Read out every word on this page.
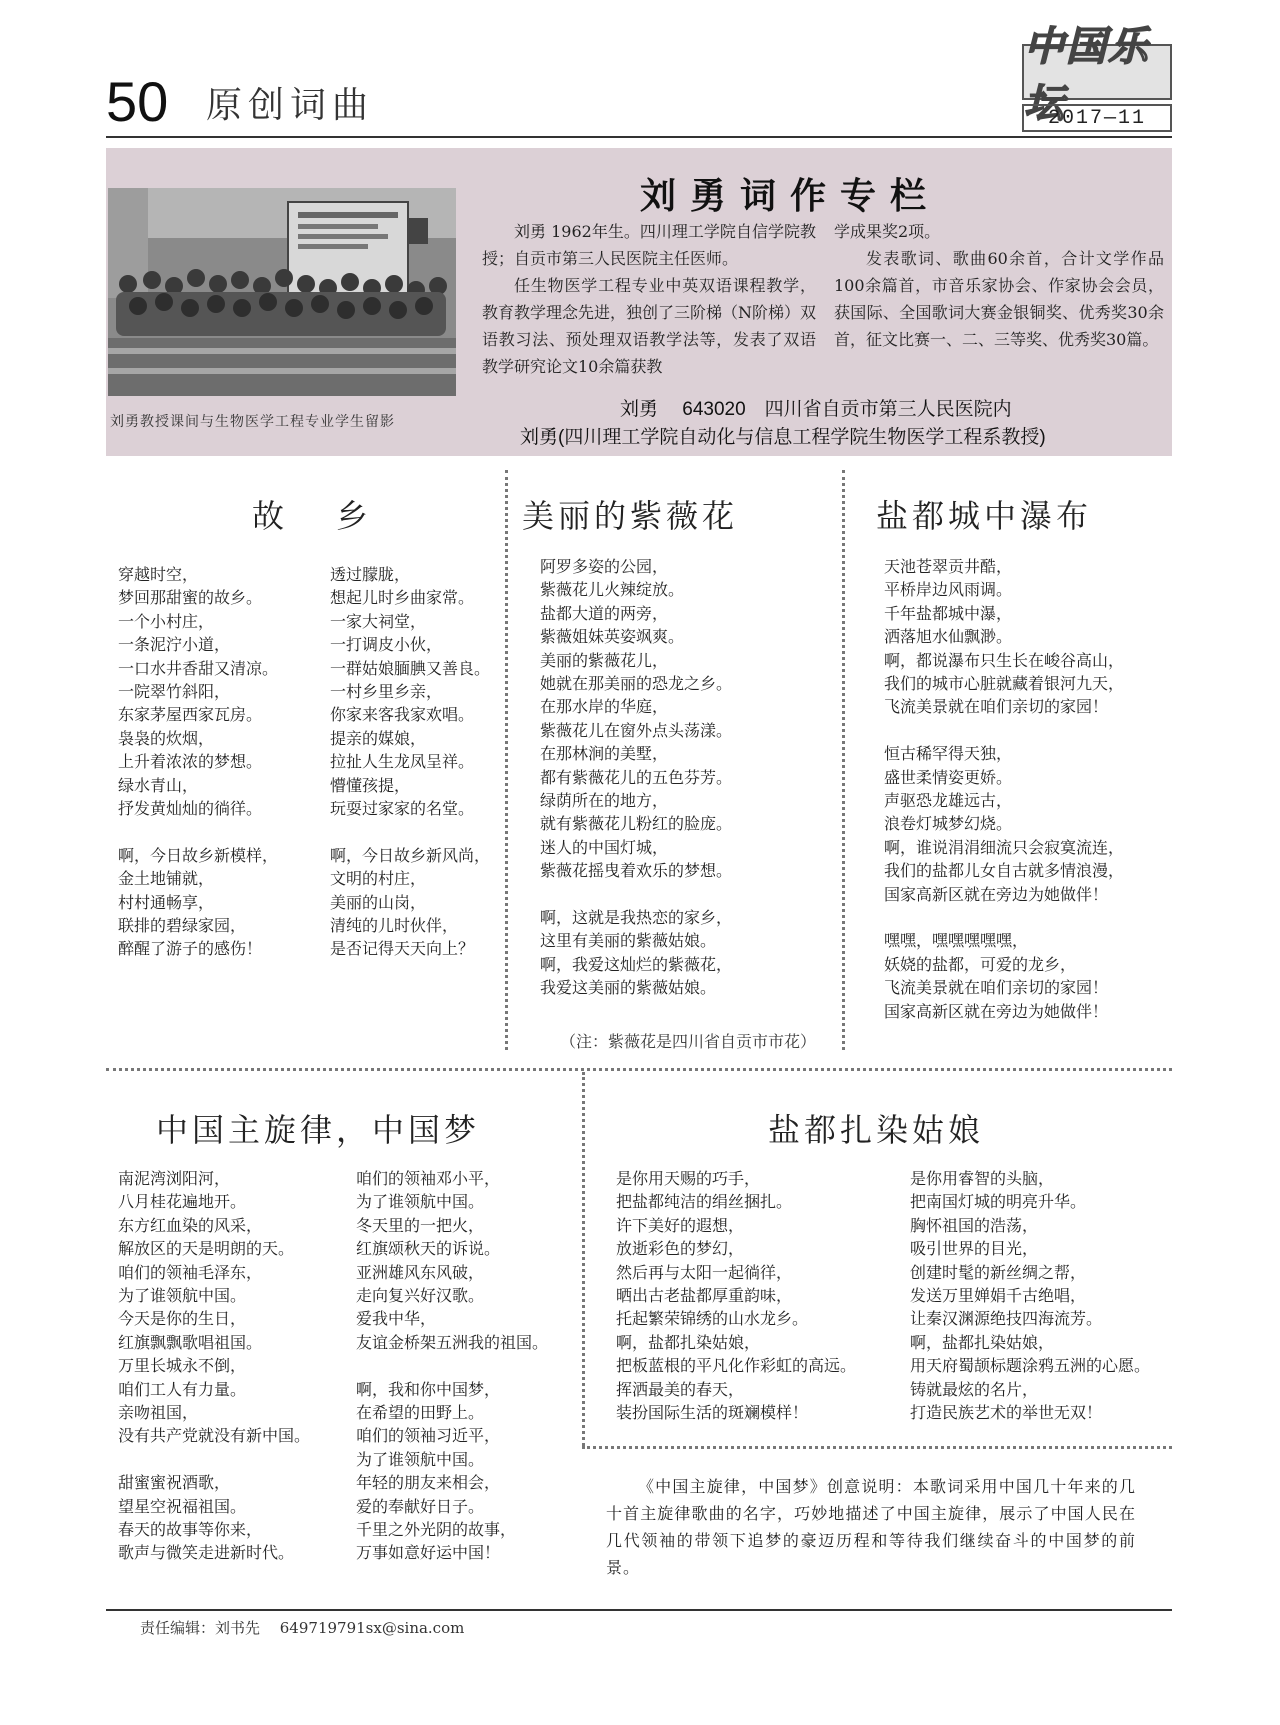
50 原创词曲
中国乐坛
2017—11
刘勇教授课间与生物医学工程专业学生留影
刘勇词作专栏

刘勇 1962年生。四川理工学院自信学院教授；自贡市第三人民医院主任医师。

任生物医学工程专业中英双语课程教学，教育教学理念先进，独创了三阶梯（N阶梯）双语教习法、预处理双语教学法等，发表了双语教学研究论文10余篇获教

学成果奖2项。

发表歌词、歌曲60余首，合计文学作品100余篇首，市音乐家协会、作家协会会员，获国际、全国歌词大赛金银铜奖、优秀奖30余首，征文比赛一、二、三等奖、优秀奖30篇。

刘勇　 643020　四川省自贡市第三人民医院内
刘勇(四川理工学院自动化与信息工程学院生物医学工程系教授)
故　乡
穿越时空，
梦回那甜蜜的故乡。
一个小村庄，
一条泥泞小道，
一口水井香甜又清凉。
一院翠竹斜阳，
东家茅屋西家瓦房。
袅袅的炊烟，
上升着浓浓的梦想。
绿水青山，
抒发黄灿灿的徜徉。
啊，今日故乡新模样，
金土地铺就，
村村通畅享，
联排的碧绿家园，
醉醒了游子的感伤！
透过朦胧，
想起儿时乡曲家常。
一家大祠堂，
一打调皮小伙，
一群姑娘腼腆又善良。
一村乡里乡亲，
你家来客我家欢唱。
提亲的媒娘，
拉扯人生龙凤呈祥。
懵懂孩提，
玩耍过家家的名堂。
啊，今日故乡新风尚，
文明的村庄，
美丽的山岗，
清纯的儿时伙伴，
是否记得天天向上？
美丽的紫薇花
阿罗多姿的公园，
紫薇花儿火辣绽放。
盐都大道的两旁，
紫薇姐妹英姿飒爽。
美丽的紫薇花儿，
她就在那美丽的恐龙之乡。
在那水岸的华庭，
紫薇花儿在窗外点头荡漾。
在那林涧的美墅，
都有紫薇花儿的五色芬芳。
绿荫所在的地方，
就有紫薇花儿粉红的脸庞。
迷人的中国灯城，
紫薇花摇曳着欢乐的梦想。
啊，这就是我热恋的家乡，
这里有美丽的紫薇姑娘。
啊，我爱这灿烂的紫薇花，
我爱这美丽的紫薇姑娘。
（注：紫薇花是四川省自贡市市花）
盐都城中瀑布
天池苍翠贡井酷，
平桥岸边风雨调。
千年盐都城中瀑，
洒落旭水仙飘渺。
啊，都说瀑布只生长在峻谷高山，
我们的城市心脏就藏着银河九天，
飞流美景就在咱们亲切的家园！
恒古稀罕得天独，
盛世柔情姿更娇。
声驱恐龙雄远古，
浪卷灯城梦幻烧。
啊，谁说涓涓细流只会寂寞流连，
我们的盐都儿女自古就多情浪漫，
国家高新区就在旁边为她做伴！
嘿嘿，嘿嘿嘿嘿嘿，
妖娆的盐都，可爱的龙乡，
飞流美景就在咱们亲切的家园！
国家高新区就在旁边为她做伴！
中国主旋律，中国梦
南泥湾浏阳河，
八月桂花遍地开。
东方红血染的风采，
解放区的天是明朗的天。
咱们的领袖毛泽东，
为了谁领航中国。
今天是你的生日，
红旗飘飘歌唱祖国。
万里长城永不倒，
咱们工人有力量。
亲吻祖国，
没有共产党就没有新中国。
甜蜜蜜祝酒歌，
望星空祝福祖国。
春天的故事等你来，
歌声与微笑走进新时代。
咱们的领袖邓小平，
为了谁领航中国。
冬天里的一把火，
红旗颂秋天的诉说。
亚洲雄风东风破，
走向复兴好汉歌。
爱我中华，
友谊金桥架五洲我的祖国。
啊，我和你中国梦，
在希望的田野上。
咱们的领袖习近平，
为了谁领航中国。
年轻的朋友来相会，
爱的奉献好日子。
千里之外光阴的故事，
万事如意好运中国！
盐都扎染姑娘
是你用天赐的巧手，
把盐都纯洁的绢丝捆扎。
许下美好的遐想，
放逝彩色的梦幻，
然后再与太阳一起徜徉，
晒出古老盐都厚重韵味，
托起繁荣锦绣的山水龙乡。
啊，盐都扎染姑娘，
把板蓝根的平凡化作彩虹的高远。
挥洒最美的春天，
装扮国际生活的斑斓模样！
是你用睿智的头脑，
把南国灯城的明亮升华。
胸怀祖国的浩荡，
吸引世界的目光，
创建时髦的新丝绸之帮，
发送万里婵娟千古绝唱，
让秦汉渊源绝技四海流芳。
啊，盐都扎染姑娘，
用天府蜀颉标题涂鸦五洲的心愿。
铸就最炫的名片，
打造民族艺术的举世无双！

《中国主旋律，中国梦》创意说明：本歌词采用中国几十年来的几十首主旋律歌曲的名字，巧妙地描述了中国主旋律，展示了中国人民在几代领袖的带领下追梦的豪迈历程和等待我们继续奋斗的中国梦的前景。

责任编辑：刘书先　 649719791sx@sina.com
